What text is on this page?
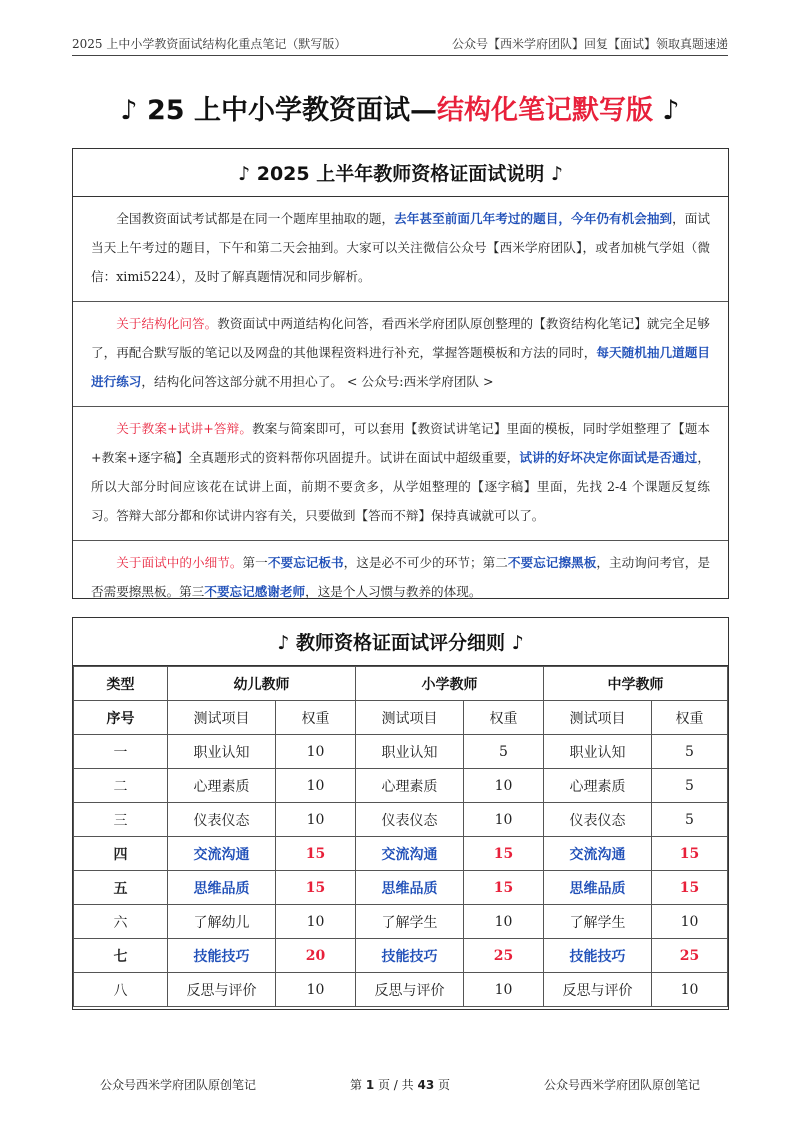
2025 上中小学教资面试结构化重点笔记（默写版）	公众号【西米学府团队】回复【面试】领取真题速递
♪ 25 上中小学教资面试—结构化笔记默写版 ♪
♪ 2025 上半年教师资格证面试说明 ♪
全国教资面试考试都是在同一个题库里抽取的题，去年甚至前面几年考过的题目，今年仍有机会抽到，面试当天上午考过的题目，下午和第二天会抽到。大家可以关注微信公众号【西米学府团队】，或者加桃气学姐（微信：ximi5224），及时了解真题情况和同步解析。
关于结构化问答。教资面试中两道结构化问答，看西米学府团队原创整理的【教资结构化笔记】就完全足够了，再配合默写版的笔记以及网盘的其他课程资料进行补充，掌握答题模板和方法的同时，每天随机抽几道题目进行练习，结构化问答这部分就不用担心了。 < 公众号:西米学府团队 >
关于教案+试讲+答辩。教案与简案即可，可以套用【教资试讲笔记】里面的模板，同时学姐整理了【题本+教案+逐字稿】全真题形式的资料帮你巩固提升。试讲在面试中超级重要，试讲的好坏决定你面试是否通过，所以大部分时间应该花在试讲上面，前期不要贪多，从学姐整理的【逐字稿】里面，先找 2-4 个课题反复练习。答辩大部分都和你试讲内容有关，只要做到【答而不辩】保持真诚就可以了。
关于面试中的小细节。第一不要忘记板书，这是必不可少的环节；第二不要忘记擦黑板，主动询问考官，是否需要擦黑板。第三不要忘记感谢老师，这是个人习惯与教养的体现。
♪ 教师资格证面试评分细则 ♪
类型	幼儿教师		小学教师		中学教师	
序号	测试项目	权重	测试项目	权重	测试项目	权重
一	职业认知	10	职业认知	5	职业认知	5
二	心理素质	10	心理素质	10	心理素质	5
三	仪表仪态	10	仪表仪态	10	仪表仪态	5
四	交流沟通	15	交流沟通	15	交流沟通	15
五	思维品质	15	思维品质	15	思维品质	15
六	了解幼儿	10	了解学生	10	了解学生	10
七	技能技巧	20	技能技巧	25	技能技巧	25
八	反思与评价	10	反思与评价	10	反思与评价	10
公众号西米学府团队原创笔记	第 1 页 / 共 43 页	公众号西米学府团队原创笔记
